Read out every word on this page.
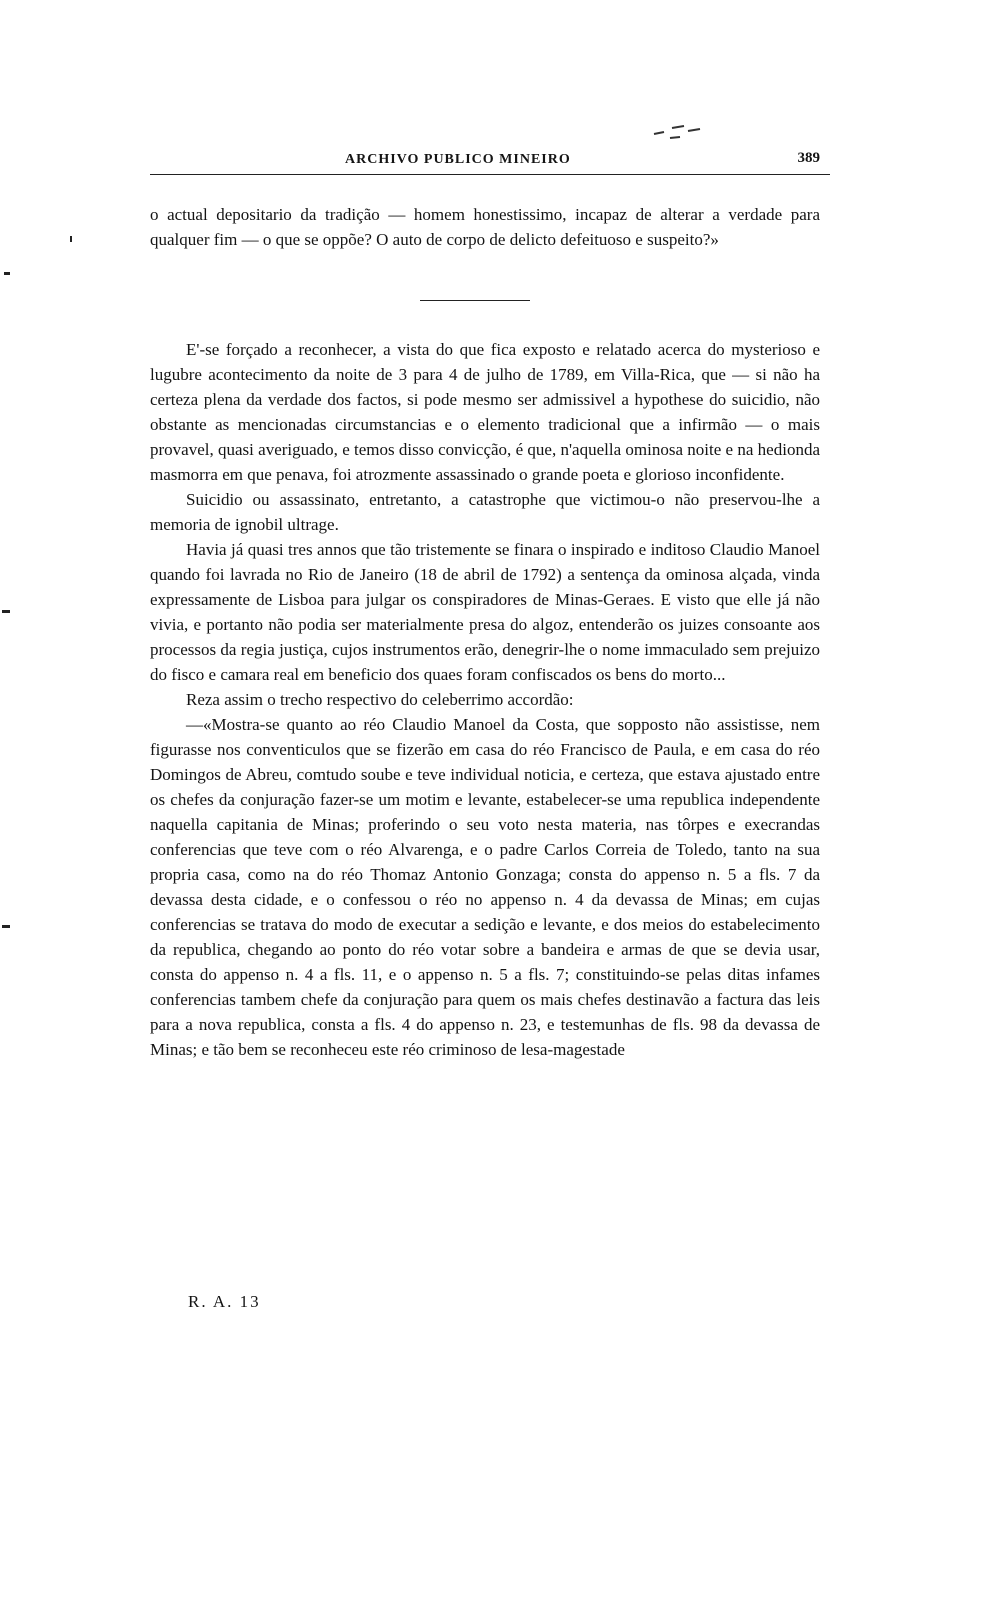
ARCHIVO PUBLICO MINEIRO	389

o actual depositario da tradição — homem honestissimo, incapaz de alterar a verdade para qualquer fim — o que se oppõe? O auto de corpo de delicto defeituoso e suspeito?»

E'-se forçado a reconhecer, a vista do que fica exposto e relatado acerca do mysterioso e lugubre acontecimento da noite de 3 para 4 de julho de 1789, em Villa-Rica, que — si não ha certeza plena da verdade dos factos, si pode mesmo ser admissivel a hypothese do suicidio, não obstante as mencionadas circumstancias e o elemento tradicional que a infirmão — o mais provavel, quasi averiguado, e temos disso convicção, é que, n'aquella ominosa noite e na hedionda masmorra em que penava, foi atrozmente assassinado o grande poeta e glorioso inconfidente.

Suicidio ou assassinato, entretanto, a catastrophe que victimou-o não preservou-lhe a memoria de ignobil ultrage.

Havia já quasi tres annos que tão tristemente se finara o inspirado e inditoso Claudio Manoel quando foi lavrada no Rio de Janeiro (18 de abril de 1792) a sentença da ominosa alçada, vinda expressamente de Lisboa para julgar os conspiradores de Minas-Geraes. E visto que elle já não vivia, e portanto não podia ser materialmente presa do algoz, entenderão os juizes consoante aos processos da regia justiça, cujos instrumentos erão, denegrir-lhe o nome immaculado sem prejuizo do fisco e camara real em beneficio dos quaes foram confiscados os bens do morto...

Reza assim o trecho respectivo do celeberrimo accordão:

—«Mostra-se quanto ao réo Claudio Manoel da Costa, que sopposto não assistisse, nem figurasse nos conventiculos que se fizerão em casa do réo Francisco de Paula, e em casa do réo Domingos de Abreu, comtudo soube e teve individual noticia, e certeza, que estava ajustado entre os chefes da conjuração fazer-se um motim e levante, estabelecer-se uma republica independente naquella capitania de Minas; proferindo o seu voto nesta materia, nas tôrpes e execrandas conferencias que teve com o réo Alvarenga, e o padre Carlos Correia de Toledo, tanto na sua propria casa, como na do réo Thomaz Antonio Gonzaga; consta do appenso n. 5 a fls. 7 da devassa desta cidade, e o confessou o réo no appenso n. 4 da devassa de Minas; em cujas conferencias se tratava do modo de executar a sedição e levante, e dos meios do estabelecimento da republica, chegando ao ponto do réo votar sobre a bandeira e armas de que se devia usar, consta do appenso n. 4 a fls. 11, e o appenso n. 5 a fls. 7; constituindo-se pelas ditas infames conferencias tambem chefe da conjuração para quem os mais chefes destinavão a factura das leis para a nova republica, consta a fls. 4 do appenso n. 23, e testemunhas de fls. 98 da devassa de Minas; e tão bem se reconheceu este réo criminoso de lesa-magestade

R. A. 13
